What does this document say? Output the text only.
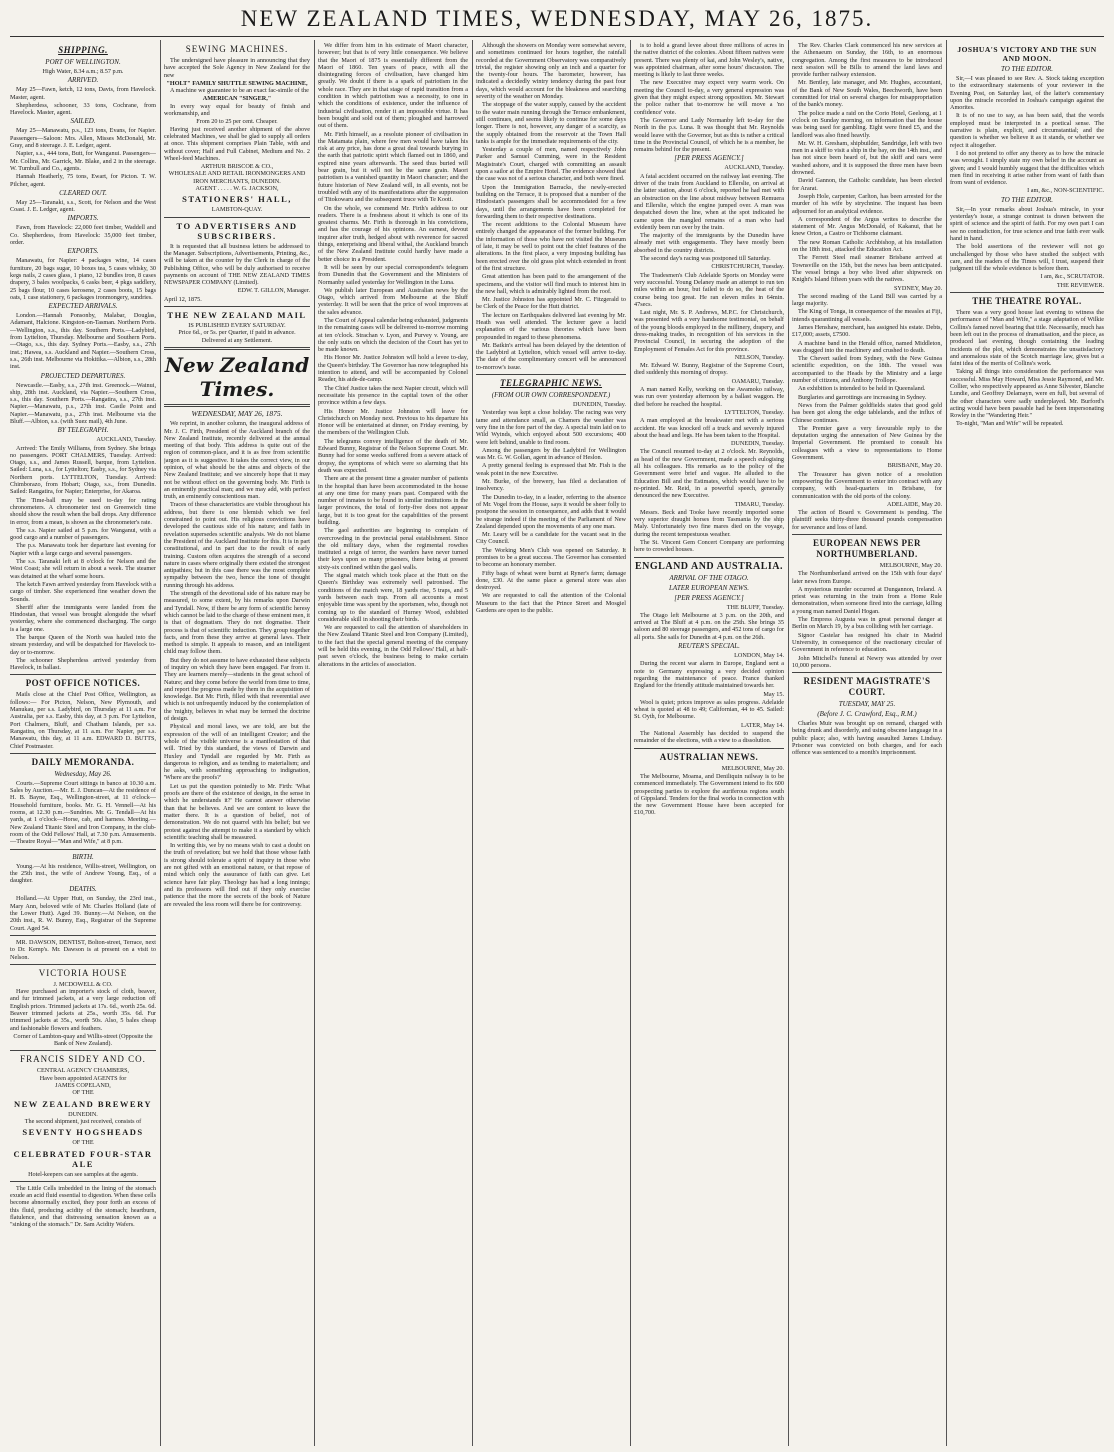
NEW ZEALAND TIMES, WEDNESDAY, MAY 26, 1875.
SHIPPING.
PORT OF WELLINGTON.

High Water, 8.34 a.m.; 8.57 p.m.

ARRIVED.

May 25—Fawn, ketch, 12 tons, Davis, from Havelock. Master, agent.

Shepherdess, schooner, 33 tons, Cochrane, from Havelock. Master, agent.

SAILED.

May 25—Manawatu, p.s., 123 tons, Evans, for Napier. Passengers—Saloon: Mrs. Allen, Misses McDonald, Mr. Gray, and 8 steerage. J. E. Ledger, agent.

Napier, s.s., 444 tons, Butt, for Wanganui. Passengers—Mr. Collins, Mr. Garrick, Mr. Blake, and 2 in the steerage. W. Turnbull and Co., agents.

Hannah Heatherly, 75 tons, Ewart, for Picton. T. W. Pilcher, agent.

CLEARED OUT.

May 25—Taranaki, s.s., Scott, for Nelson and the West Coast. J. E. Ledger, agent.

IMPORTS.

Fawn, from Havelock: 22,000 feet timber, Waddell and Co. Shepherdess, from Havelock: 35,000 feet timber, order.

EXPORTS.

Manawatu, for Napier: 4 packages wine, 14 cases furniture, 20 bags sugar, 10 boxes tea, 5 cases whisky, 30 kegs nails, 2 cases glass, 1 piano, 12 bundles iron, 8 cases drapery, 3 bales woolpacks, 6 casks beer, 4 pkgs saddlery, 25 bags flour, 10 cases kerosene, 2 cases boots, 15 bags oats, 1 case stationery, 6 packages ironmongery, sundries.

EXPECTED ARRIVALS.

London.—Hannah Ponsonby, Malabar, Douglas, Adamant, Halcione. Kingston-on-Tasman. Northern Ports.—Wellington, s.s., this day. Southern Ports.—Ladybird, from Lyttelton, Thursday. Melbourne and Southern Ports.—Otago, s.s., this day. Sydney Ports.—Easby, s.s., 27th inst.; Hawea, s.s. Auckland and Napier.—Southern Cross, s.s., 26th inst. Melbourne via Hokitika.—Albion, s.s., 28th inst.

PROJECTED DEPARTURES.

Newcastle.—Easby, s.s., 27th inst. Greenock.—Wainui, ship, 28th inst. Auckland, via Napier.—Southern Cross, s.s., this day. Southern Ports.—Rangatira, s.s., 27th inst. Napier.—Manawatu, p.s., 27th inst. Castle Point and Napier.—Manawatu, p.s., 27th inst. Melbourne via the Bluff.—Albion, s.s. (with Suez mail), 4th June.

BY TELEGRAPH.

AUCKLAND, Tuesday.

Arrived: The Emily Williams, from Sydney. She brings no passengers. PORT CHALMERS, Tuesday. Arrived: Otago, s.s., and James Russell, barque, from Lyttelton. Sailed: Luna, s.s., for Lyttelton; Easby, s.s., for Sydney via Northern ports. LYTTELTON, Tuesday. Arrived: Chimborazo, from Hobart; Otago, s.s., from Dunedin. Sailed: Rangatira, for Napier; Enterprise, for Akaroa.

The Time-ball may be used to-day for rating chronometers. A chronometer test on Greenwich time should show the result when the ball drops. Any difference in error, from a mean, is shown as the chronometer's rate.

The s.s. Napier sailed at 5 p.m. for Wanganui, with a good cargo and a number of passengers.

The p.s. Manawatu took her departure last evening for Napier with a large cargo and several passengers.

The s.s. Taranaki left at 8 o'clock for Nelson and the West Coast; she will return in about a week. The steamer was detained at the wharf some hours.

The ketch Fawn arrived yesterday from Havelock with a cargo of timber. She experienced fine weather down the Sounds.

Sheriff after the immigrants were landed from the Hindostan, that vessel was brought alongside the wharf yesterday, where she commenced discharging. The cargo is a large one.

The barque Queen of the North was hauled into the stream yesterday, and will be despatched for Havelock to-day or to-morrow.

The schooner Shepherdess arrived yesterday from Havelock, in ballast.

POST OFFICE NOTICES.

Mails close at the Chief Post Office, Wellington, as follows:— For Picton, Nelson, New Plymouth, and Manukau, per s.s. Ladybird, on Thursday at 11 a.m. For Australia, per s.s. Easby, this day, at 3 p.m. For Lyttelton, Port Chalmers, Bluff, and Chatham Islands, per s.s. Rangatira, on Thursday, at 11 a.m. For Napier, per s.s. Manawatu, this day, at 11 a.m. EDWARD D. BUTTS, Chief Postmaster.

DAILY MEMORANDA.
Wednesday, May 26.

Courts.—Supreme Court sittings in banco at 10.30 a.m. Sales by Auction.—Mr. E. J. Duncan—At the residence of H. B. Bayne, Esq., Wellington-street, at 11 o'clock—Household furniture, books. Mr. G. H. Vennell—At his rooms, at 12.30 p.m.—Sundries. Mr. G. Tendall—At his yards, at 1 o'clock—Horse, cab, and harness. Meeting.—New Zealand Titanic Steel and Iron Company, in the club-room of the Odd Fellows' Hall, at 7.30 p.m. Amusements.—Theatre Royal—"Man and Wife," at 8 p.m.

BIRTH.

Young.—At his residence, Willis-street, Wellington, on the 25th inst., the wife of Andrew Young, Esq., of a daughter.

DEATHS.

Holland.—At Upper Hutt, on Sunday, the 23rd inst., Mary Ann, beloved wife of Mr. Charles Holland (late of the Lower Hutt). Aged 39. Bunny.—At Nelson, on the 20th inst., R. W. Bunny, Esq., Registrar of the Supreme Court. Aged 54.

MR. DAWSON, DENTIST, Bolton-street, Terrace, next to Dr. Kemp's. Mr. Dawson is at present on a visit to Nelson.

VICTORIA HOUSE
J. MCDOWELL & CO.

Have purchased an importer's stock of cloth, beaver, and fur trimmed jackets, at a very large reduction off English prices. Trimmed jackets at 17s. 6d., worth 25s. 6d. Beaver trimmed jackets at 25s., worth 35s. 6d. Fur trimmed jackets at 35s., worth 50s. Also, 5 bales cheap and fashionable flowers and feathers.

Corner of Lambton-quay and Willis-street (Opposite the Bank of New Zealand).

FRANCIS SIDEY AND CO.
CENTRAL AGENCY CHAMBERS,
Have been appointed AGENTS for
JAMES COPELAND,
OF THE
NEW ZEALAND BREWERY
DUNEDIN.
The second shipment, just received, consists of
SEVENTY HOGSHEADS
OF THE
CELEBRATED FOUR-STAR ALE
Hotel-keepers can see samples at the agents.

The Little Cells imbedded in the lining of the stomach exude an acid fluid essential to digestion. When these cells become abnormally excited, they pour forth an excess of this fluid, producing acidity of the stomach; heartburn, flatulence, and that distressing sensation known as a "sinking of the stomach." Dr. Sam Acidity Wafers.

SEWING MACHINES.

The undersigned have pleasure in announcing that they have accepted the Sole Agency in New Zealand for the new

"HOLT" FAMILY SHUTTLE SEWING MACHINE,

A machine we guarantee to be an exact fac-simile of the

AMERICAN "SINGER,"

In every way equal for beauty of finish and workmanship, and

From 20 to 25 per cent. Cheaper.

Having just received another shipment of the above celebrated Machines, we shall be glad to supply all orders at once. This shipment comprises Plain Table, with and without cover; Half and Full Cabinet, Medium and No. 2 Wheel-feed Machines.

ARTHUR BRISCOE & CO.,
WHOLESALE AND RETAIL IRONMONGERS AND IRON MERCHANTS, DUNEDIN.
AGENT . . . . . W. G. JACKSON,
STATIONERS' HALL,
LAMBTON-QUAY.
TO ADVERTISERS AND SUBSCRIBERS.

It is requested that all business letters be addressed to the Manager. Subscriptions, Advertisements, Printing, &c., will be taken at the counter by the Clerk in charge of the Publishing Office, who will be duly authorised to receive payments on account of THE NEW ZEALAND TIMES NEWSPAPER COMPANY (Limited).

EDW. T. GILLON, Manager.

April 12, 1875.

THE NEW ZEALAND MAIL
IS PUBLISHED EVERY SATURDAY.
Price 6d., or 5s. per Quarter, if paid in advance.
Delivered at any Settlement.
New Zealand Times.
WEDNESDAY, MAY 26, 1875.

We reprint, in another column, the inaugural address of Mr. J. C. Firth, President of the Auckland branch of the New Zealand Institute, recently delivered at the annual meeting of that body. This address is quite out of the region of common-place, and it is as free from scientific jargon as it is suggestive. It takes the correct view, in our opinion, of what should be the aims and objects of the New Zealand Institute; and we sincerely hope that it may not be without effect on the governing body. Mr. Firth is an eminently practical man; and we may add, with perfect truth, an eminently conscientious man.

Traces of these characteristics are visible throughout his address, but there is one blemish which we feel constrained to point out. His religious convictions have developed the cautious side of his nature; and faith in revelation supersedes scientific analysis. We do not blame the President of the Auckland Institute for this. It is in part constitutional, and in part due to the result of early training. Custom often acquires the strength of a second nature in cases where originally there existed the strongest antipathies; but in this case there was the most complete sympathy between the two, hence the tone of thought running through his address.

The strength of the devotional side of his nature may be measured, to some extent, by his remarks upon Darwin and Tyndall. Now, if there be any form of scientific heresy which cannot be laid to the charge of these eminent men, it is that of dogmatism. They do not dogmatise. Their process is that of scientific induction. They group together facts, and from these they arrive at general laws. Their method is simple. It appeals to reason, and an intelligent child may follow them.

But they do not assume to have exhausted these subjects of inquiry on which they have been engaged. Far from it. They are learners merely—students in the great school of Nature; and they come before the world from time to time, and report the progress made by them in the acquisition of knowledge. But Mr. Firth, filled with that reverential awe which is not unfrequently induced by the contemplation of the 'mighty, believes in what may be termed the doctrine of design.

Physical and moral laws, we are told, are but the expression of the will of an intelligent Creator; and the whole of the visible universe is a manifestation of that will. Tried by this standard, the views of Darwin and Huxley and Tyndall are regarded by Mr. Firth as dangerous to religion, and as tending to materialism; and he asks, with something approaching to indignation, 'Where are the proofs?'

Let us put the question pointedly to Mr. Firth: 'What proofs are there of the existence of design, in the sense in which he understands it?' He cannot answer otherwise than that he believes. And we are content to leave the matter there. It is a question of belief, not of demonstration. We do not quarrel with his belief; but we protest against the attempt to make it a standard by which scientific teaching shall be measured.

In writing this, we by no means wish to cast a doubt on the truth of revelation; but we hold that those whose faith is strong should tolerate a spirit of inquiry in those who are not gifted with an emotional nature, or that repose of mind which only the assurance of faith can give. Let science have fair play. Theology has had a long innings; and its professors will find out if they only exercise patience that the more the secrets of the book of Nature are revealed the less room will there be for controversy.

We differ from him in his estimate of Maori character, however; but that is of very little consequence. We believe that the Maori of 1875 is essentially different from the Maori of 1860. Ten years of peace, with all the disintegrating forces of civilisation, have changed him greatly. We doubt if there is a spark of patriotism in the whole race. They are in that stage of rapid transition from a condition in which patriotism was a necessity, to one in which the conditions of existence, under the influence of industrial civilisation, render it an impossible virtue. It has been bought and sold out of them; ploughed and harrowed out of them.

Mr. Firth himself, as a resolute pioneer of civilisation in the Matamata plain, where few men would have taken his risk at any price, has done a great deal towards burying in the earth that patriotic spirit which flamed out in 1860, and expired nine years afterwards. The seed thus buried will bear grain, but it will not be the same grain. Maori patriotism is a vanished quantity in Maori character; and the future historian of New Zealand will, in all events, not be troubled with any of its manifestations after the suppression of Titokowaru and the subsequent truce with Te Kooti.

On the whole, we commend Mr. Firth's address to our readers. There is a freshness about it which is one of its greatest charms. Mr. Firth is thorough in his convictions, and has the courage of his opinions. An earnest, devout inquirer after truth, hedged about with reverence for sacred things, enterprising and liberal withal, the Auckland branch of the New Zealand Institute could hardly have made a better choice in a President.

It will be seen by our special correspondent's telegram from Dunedin that the Government and the Ministers of Normanby sailed yesterday for Wellington in the Luna.

We publish later European and Australian news by the Otago, which arrived from Melbourne at the Bluff yesterday. It will be seen that the price of wool improves at the sales advance.

The Court of Appeal calendar being exhausted, judgments in the remaining cases will be delivered to-morrow morning at ten o'clock. Strachan v. Lyon, and Purvey v. Young, are the only suits on which the decision of the Court has yet to be made known.

His Honor Mr. Justice Johnston will hold a levee to-day, the Queen's birthday. The Governor has now telegraphed his intention to attend, and will be accompanied by Colonel Reader, his aide-de-camp.

The Chief Justice takes the next Napier circuit, which will necessitate his presence in the capital town of the other province within a few days.

His Honor Mr. Justice Johnston will leave for Christchurch on Monday next. Previous to his departure his Honor will be entertained at dinner, on Friday evening, by the members of the Wellington Club.

The telegrams convey intelligence of the death of Mr. Edward Bunny, Registrar of the Nelson Supreme Court. Mr. Bunny had for some weeks suffered from a severe attack of dropsy, the symptoms of which were so alarming that his death was expected.

There are at the present time a greater number of patients in the hospital than have been accommodated in the house at any one time for many years past. Compared with the number of inmates to be found in similar institutions in the larger provinces, the total of forty-five does not appear large, but it is too great for the capabilities of the present building.

The gaol authorities are beginning to complain of overcrowding in the provincial penal establishment. Since the old military days, when the regimental rowdies instituted a reign of terror, the warders have never turned their keys upon so many prisoners, there being at present sixty-six confined within the gaol walls.

The signal match which took place at the Hutt on the Queen's Birthday was extremely well patronised. The conditions of the match were, 18 yards rise, 5 traps, and 5 yards between each trap. From all accounts a most enjoyable time was spent by the sportsmen, who, though not coming up to the standard of Hurney Wood, exhibited considerable skill in shooting their birds.

We are requested to call the attention of shareholders in the New Zealand Titanic Steel and Iron Company (Limited), to the fact that the special general meeting of the company will be held this evening, in the Odd Fellows' Hall, at half-past seven o'clock, the business being to make certain alterations in the articles of association.

Although the showers on Monday were somewhat severe, and sometimes continued for hours together, the rainfall recorded at the Government Observatory was comparatively trivial, the register showing only an inch and a quarter for the twenty-four hours. The barometer, however, has indicated a decidedly wintry tendency during the past four days, which would account for the bleakness and searching severity of the weather on Monday.

The stoppage of the water supply, caused by the accident to the water main running through the Terrace embankment, still continues, and seems likely to continue for some days longer. There is not, however, any danger of a scarcity, as the supply obtained from the reservoir at the Town Hall tanks is ample for the immediate requirements of the city.

Yesterday a couple of men, named respectively John Parker and Samuel Cumming, were in the Resident Magistrate's Court, charged with committing an assault upon a sailor at the Empire Hotel. The evidence showed that the case was not of a serious character, and both were fined.

Upon the Immigration Barracks, the newly-erected building on the Terrace, it is proposed that a number of the Hindostan's passengers shall be accommodated for a few days, until the arrangements have been completed for forwarding them to their respective destinations.

The recent additions to the Colonial Museum have entirely changed the appearance of the former building. For the information of those who have not visited the Museum of late, it may be well to point out the chief features of the alterations. In the first place, a very imposing building has been erected over the old grass plot which extended in front of the first structure.

Great attention has been paid to the arrangement of the specimens, and the visitor will find much to interest him in the new hall, which is admirably lighted from the roof.

Mr. Justice Johnston has appointed Mr. C. Fitzgerald to be Clerk of the Peace for the Hutt district.

The lecture on Earthquakes delivered last evening by Mr. Heath was well attended. The lecturer gave a lucid explanation of the various theories which have been propounded in regard to these phenomena.

Mr. Batkin's arrival has been delayed by the detention of the Ladybird at Lyttelton, which vessel will arrive to-day. The date of the complimentary concert will be announced to-morrow's issue.

TELEGRAPHIC NEWS.
(FROM OUR OWN CORRESPONDENT.)

DUNEDIN, Tuesday.

Yesterday was kept a close holiday. The racing was very tame and attendance small, as Chamers the weather was very fine in the fore part of the day. A special train laid on to Wild Wyinds, which enjoyed about 500 excursions; 400 were left behind, unable to find room.

Among the passengers by the Ladybird for Wellington was Mr. G. W. Gollan, agent in advance of Heslon.

A pretty general feeling is expressed that Mr. Fish is the weak point in the new Executive.

Mr. Burke, of the brewery, has filed a declaration of insolvency.

The Dunedin to-day, in a leader, referring to the absence of Mr. Vogel from the House, says it would be sheer folly to postpone the session in consequence, and adds that it would be strange indeed if the meeting of the Parliament of New Zealand depended upon the movements of any one man.

Mr. Leary will be a candidate for the vacant seat in the City Council.

The Working Men's Club was opened on Saturday. It promises to be a great success. The Governor has consented to become an honorary member.

Fifty bags of wheat were burnt at Ryner's farm; damage done, £30. At the same place a general store was also destroyed.

We are requested to call the attention of the Colonial Museum to the fact that the Prince Street and Mosgiel Gardens are open to the public.

is to hold a grand levee about three millions of acres in the native district of the colonies. About fifteen natives were present. There was plenty of kai, and John Wesley's, native, was appointed chairman, after some hours' discussion. The meeting is likely to last three weeks.

The new Executive may expect very warm work. On meeting the Council to-day, a very general expression was given that they might expect strong opposition. Mr. Stewart the police rather that to-morrow he will move a 'no confidence' vote.

The Governor and Lady Normanby left to-day for the North in the p.s. Luna. It was thought that Mr. Reynolds would leave with the Governor, but as this is rather a critical time in the Provincial Council, of which he is a member, he remains behind for the present.

[PER PRESS AGENCY.]

AUCKLAND, Tuesday.

A fatal accident occurred on the railway last evening. The driver of the train from Auckland to Ellerslie, on arrival at the latter station, about 6 o'clock, reported he had met with an obstruction on the line about midway between Remuera and Ellerslie, which the engine jumped over. A man was despatched down the line, when at the spot indicated he came upon the mangled remains of a man who had evidently been run over by the train.

The majority of the immigrants by the Dunedin have already met with engagements. They have mostly been absorbed in the country districts.

The second day's racing was postponed till Saturday.

CHRISTCHURCH, Tuesday.

The Tradesmen's Club Adelaide Sports on Monday were very successful. Young Delaney made an attempt to run ten miles within an hour, but failed to do so, the heat of the course being too great. He ran eleven miles in 64min. 47secs.

Last night, Mr. S. P. Andrews, M.P.C. for Christchurch, was presented with a very handsome testimonial, on behalf of the young bloods employed in the millinery, drapery, and dress-making trades, in recognition of his services in the Provincial Council, in securing the adoption of the Employment of Females Act for this province.

NELSON, Tuesday.

Mr. Edward W. Bunny, Registrar of the Supreme Court, died suddenly this morning of dropsy.

OAMARU, Tuesday.

A man named Kelly, working on the Awamoko railway, was run over yesterday afternoon by a ballast waggon. He died before he reached the hospital.

LYTTELTON, Tuesday.

A man employed at the breakwater met with a serious accident. He was knocked off a truck and severely injured about the head and legs. He has been taken to the Hospital.

DUNEDIN, Tuesday.

The Council resumed to-day at 2 o'clock. Mr. Reynolds, as head of the new Government, made a speech eulogising all his colleagues. His remarks as to the policy of the Government were brief and vague. He alluded to the Education Bill and the Estimates, which would have to be re-printed. Mr. Reid, in a powerful speech, generally denounced the new Executive.

TIMARU, Tuesday.

Messrs. Beck and Tooke have recently imported some very superior draught horses from Tasmania by the ship Maly. Unfortunately two fine mares died on the voyage, during the recent tempestuous weather.

The St. Vincent Gem Concert Company are performing here to crowded houses.

ENGLAND AND AUSTRALIA.
ARRIVAL OF THE OTAGO.
LATER EUROPEAN NEWS.
[PER PRESS AGENCY.]

THE BLUFF, Tuesday.

The Otago left Melbourne at 3 p.m. on the 20th, and arrived at The Bluff at 4 p.m. on the 25th. She brings 35 saloon and 80 steerage passengers, and 452 tons of cargo for all ports. She sails for Dunedin at 4 p.m. on the 26th.

REUTER'S SPECIAL.

LONDON, May 14.

During the recent war alarm in Europe, England sent a note to Germany expressing a very decided opinion regarding the maintenance of peace. France thanked England for the friendly attitude maintained towards her.

May 15.

Wool is quiet; prices improve as sales progress. Adelaide wheat is quoted at 48 to 49; Californian, 44 to 45. Sailed: St. Oyth, for Melbourne.

LATER, May 14.

The National Assembly has decided to suspend the remainder of the elections, with a view to a dissolution.

AUSTRALIAN NEWS.

MELBOURNE, May 20.

The Melbourne, Moama, and Deniliquin railway is to be commenced immediately. The Government intend to fix 600 prospecting parties to explore the auriferous regions south of Gippsland. Tenders for the final works in connection with the new Government House have been accepted for £10,700.

The Rev. Charles Clark commenced his new services at the Athenaeum on Sunday, the 16th, to an enormous congregation. Among the first measures to be introduced next session will be Bills to amend the land laws and provide further railway extension.

Mr. Bentley, late manager, and Mr. Hughes, accountant, of the Bank of New South Wales, Beechworth, have been committed for trial on several charges for misappropriation of the bank's money.

The police made a raid on the Corio Hotel, Geelong, at 1 o'clock on Sunday morning, on information that the house was being used for gambling. Eight were fined £5, and the landlord was also fined heavily.

Mr. W. H. Gresham, shipbuilder, Sandridge, left with two men in a skiff to visit a ship in the bay, on the 14th inst., and has not since been heard of, but the skiff and oars were washed ashore, and it is supposed the three men have been drowned.

David Gannon, the Catholic candidate, has been elected for Ararat.

Joseph Hole, carpenter, Carlton, has been arrested for the murder of his wife by strychnine. The inquest has been adjourned for an analytical evidence.

A correspondent of the Argus writes to describe the statement of Mr. Angus McDonald, of Kakanui, that he knew Orton, a Castro or Tichborne claimant.

The new Roman Catholic Archbishop, at his installation on the 18th inst., attacked the Education Act.

The Ferrett Steel mail steamer Brisbane arrived at Townsville on the 15th, but the news has been anticipated. The vessel brings a boy who lived after shipwreck on Knight's Island fifteen years with the natives.

SYDNEY, May 20.

The second reading of the Land Bill was carried by a large majority.

The King of Tonga, in consequence of the measles at Fiji, intends quarantining all vessels.

James Henshaw, merchant, has assigned his estate. Debts, £17,000; assets, £7500.

A machine band in the Herald office, named Middleton, was dragged into the machinery and crushed to death.

The Chevert sailed from Sydney, with the New Guinea scientific expedition, on the 18th. The vessel was accompanied to the Heads by the Ministry and a large number of citizens, and Anthony Trollope.

An exhibition is intended to be held in Queensland.

Burglaries and garrottings are increasing in Sydney.

News from the Palmer goldfields states that good gold has been got along the edge tablelands, and the influx of Chinese continues.

The Premier gave a very favourable reply to the deputation urging the annexation of New Guinea by the Imperial Government. He promised to consult his colleagues with a view to representations to Home Government.

BRISBANE, May 20.

The Treasurer has given notice of a resolution empowering the Government to enter into contract with any company, with head-quarters in Brisbane, for communication with the old ports of the colony.

ADELAIDE, May 20.

The action of Board v. Government is pending. The plaintiff seeks thirty-three thousand pounds compensation for severance and loss of land.

EUROPEAN NEWS PER NORTHUMBERLAND.

MELBOURNE, May 20.

The Northumberland arrived on the 15th with four days' later news from Europe.

A mysterious murder occurred at Dungannon, Ireland. A priest was returning in the train from a Home Rule demonstration, when someone fired into the carriage, killing a young man named Daniel Hogan.

The Empress Augusta was in great personal danger at Berlin on March 19, by a bus colliding with her carriage.

Signor Castelar has resigned his chair in Madrid University, in consequence of the reactionary circular of Government in reference to education.

John Mitchell's funeral at Newry was attended by over 10,000 persons.

RESIDENT MAGISTRATE'S COURT.
TUESDAY, MAY 25.
(Before J. C. Crawford, Esq., R.M.)

Charles Muir was brought up on remand, charged with being drunk and disorderly, and using obscene language in a public place; also, with having assaulted James Lindsay. Prisoner was convicted on both charges, and for each offence was sentenced to a month's imprisonment.

JOSHUA'S VICTORY AND THE SUN AND MOON.
TO THE EDITOR.

Sir,—I was pleased to see Rev. A. Stock taking exception to the extraordinary statements of your reviewer in the Evening Post, on Saturday last, of the latter's commentary upon the miracle recorded in Joshua's campaign against the Amorites.

It is of no use to say, as has been said, that the words employed must be interpreted in a poetical sense. The narrative is plain, explicit, and circumstantial; and the question is whether we believe it as it stands, or whether we reject it altogether.

I do not pretend to offer any theory as to how the miracle was wrought. I simply state my own belief in the account as given; and I would humbly suggest that the difficulties which men find in receiving it arise rather from want of faith than from want of evidence.

I am, &c., NON-SCIENTIFIC.

TO THE EDITOR.

Sir,—In your remarks about Joshua's miracle, in your yesterday's issue, a strange contrast is drawn between the spirit of science and the spirit of faith. For my own part I can see no contradiction, for true science and true faith ever walk hand in hand.

The bold assertions of the reviewer will not go unchallenged by those who have studied the subject with care, and the readers of the Times will, I trust, suspend their judgment till the whole evidence is before them.

I am, &c., SCRUTATOR.

THE REVIEWER.

THE THEATRE ROYAL.

There was a very good house last evening to witness the performance of "Man and Wife," a stage adaptation of Wilkie Collins's famed novel bearing that title. Necessarily, much has been left out in the process of dramatisation, and the piece, as produced last evening, though containing the leading incidents of the plot, which demonstrates the unsatisfactory and anomalous state of the Scotch marriage law, gives but a faint idea of the merits of Collins's work.

Taking all things into consideration the performance was successful. Miss May Howard, Miss Jessie Raymond, and Mr. Collier, who respectively appeared as Anne Silvester, Blanche Lundie, and Geoffrey Delamayn, were en full, but several of the other characters were sadly underplayed. Mr. Burford's acting would have been passable had he been impersonating Rowley in the "Wandering Heir."

To-night, "Man and Wife" will be repeated.
